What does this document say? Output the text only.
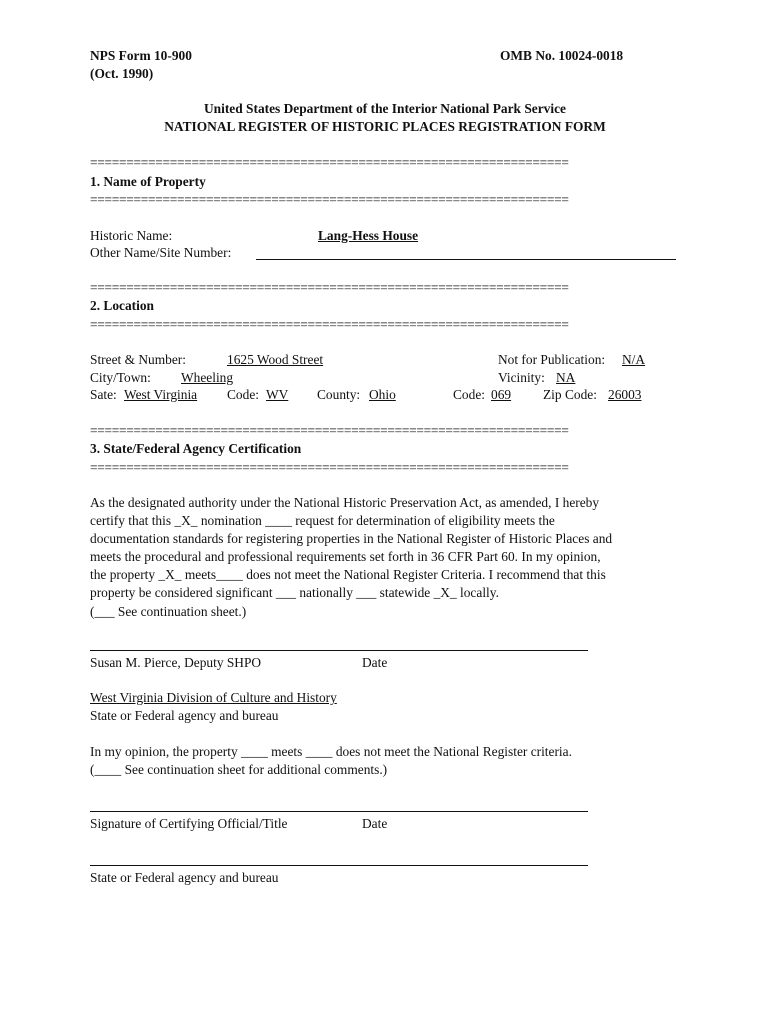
NPS Form 10-900
(Oct. 1990)
OMB No. 10024-0018
United States Department of the Interior National Park Service
NATIONAL REGISTER OF HISTORIC PLACES REGISTRATION FORM
==================================================================
1. Name of Property
==================================================================
Historic Name:	Lang-Hess House
Other Name/Site Number:
==================================================================
2. Location
==================================================================
Street & Number:	1625 Wood Street	Not for Publication: N/A
City/Town: Wheeling	Vicinity: NA
Sate: West Virginia Code: WV	County: Ohio	Code: 069 Zip Code: 26003
==================================================================
3. State/Federal Agency Certification
==================================================================
As the designated authority under the National Historic Preservation Act, as amended, I hereby
certify that this _X_ nomination ____ request for determination of eligibility meets the
documentation standards for registering properties in the National Register of Historic Places and
meets the procedural and professional requirements set forth in 36 CFR Part 60. In my opinion,
the property _X_ meets____ does not meet the National Register Criteria. I recommend that this
property be considered significant ___ nationally ___ statewide _X_ locally.
(___ See continuation sheet.)
Susan M. Pierce, Deputy SHPO	Date
West Virginia Division of Culture and History
State or Federal agency and bureau
In my opinion, the property ____ meets ____ does not meet the National Register criteria.
(____ See continuation sheet for additional comments.)
Signature of Certifying Official/Title	Date
State or Federal agency and bureau
